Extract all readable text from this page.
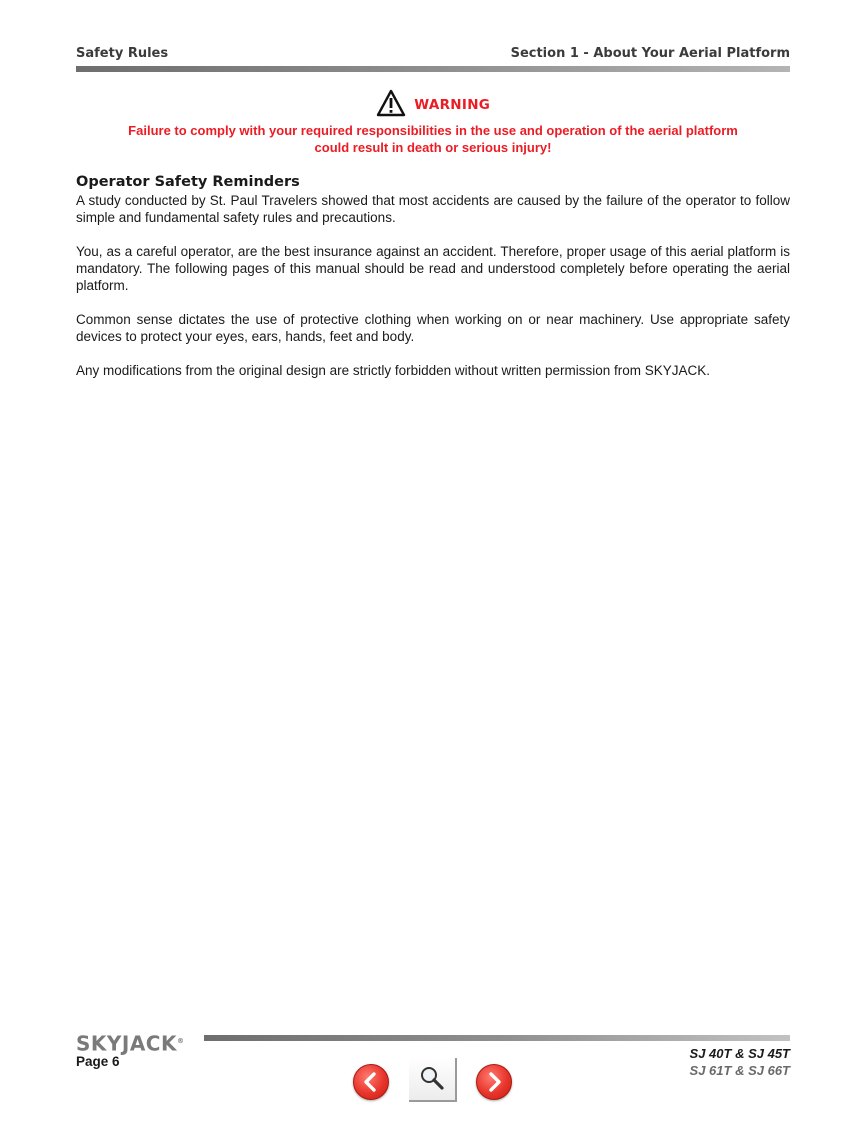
Safety Rules	Section 1 - About Your Aerial Platform
WARNING
Failure to comply with your required responsibilities in the use and operation of the aerial platform
could result in death or serious injury!
Operator Safety Reminders

A study conducted by St. Paul Travelers showed that most accidents are caused by the failure of the operator to follow simple and fundamental safety rules and precautions.

You, as a careful operator, are the best insurance against an accident. Therefore, proper usage of this aerial platform is mandatory. The following pages of this manual should be read and understood completely before operating the aerial platform.

Common sense dictates the use of protective clothing when working on or near machinery. Use appropriate safety devices to protect your eyes, ears, hands, feet and body.

Any modifications from the original design are strictly forbidden without written permission from SKYJACK.

SKYJACK®
Page 6
SJ 40T & SJ 45T
SJ 61T & SJ 66T
